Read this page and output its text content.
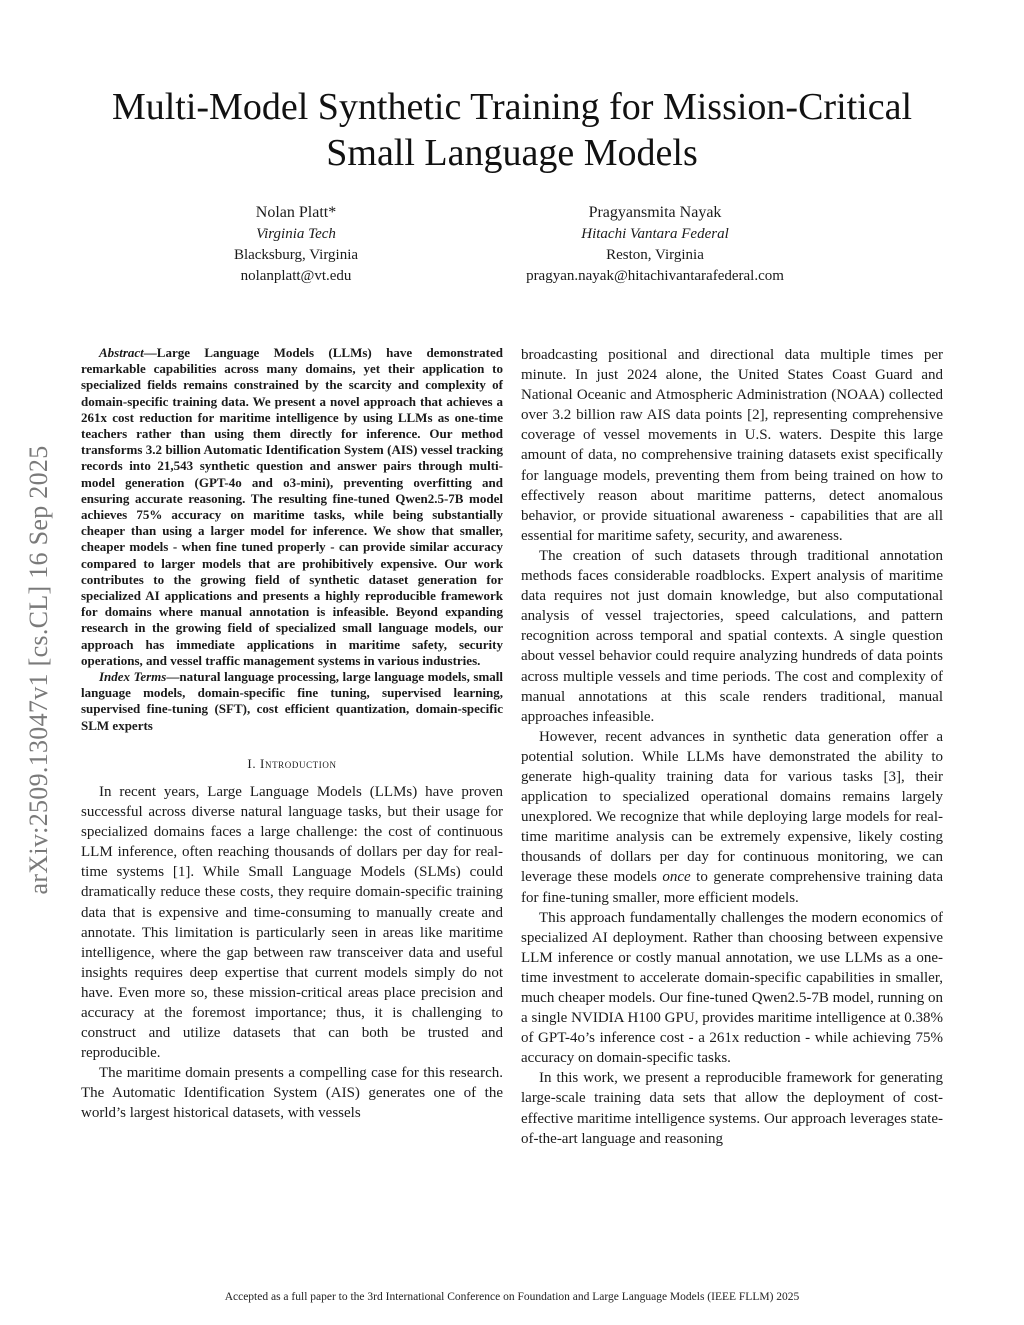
arXiv:2509.13047v1 [cs.CL] 16 Sep 2025
Multi-Model Synthetic Training for Mission-Critical Small Language Models
Nolan Platt*
Virginia Tech
Blacksburg, Virginia
nolanplatt@vt.edu
Pragyansmita Nayak
Hitachi Vantara Federal
Reston, Virginia
pragyan.nayak@hitachivantarafederal.com

Abstract—Large Language Models (LLMs) have demonstrated remarkable capabilities across many domains, yet their application to specialized fields remains constrained by the scarcity and complexity of domain-specific training data. We present a novel approach that achieves a 261x cost reduction for maritime intelligence by using LLMs as one-time teachers rather than using them directly for inference. Our method transforms 3.2 billion Automatic Identification System (AIS) vessel tracking records into 21,543 synthetic question and answer pairs through multi-model generation (GPT-4o and o3-mini), preventing overfitting and ensuring accurate reasoning. The resulting fine-tuned Qwen2.5-7B model achieves 75% accuracy on maritime tasks, while being substantially cheaper than using a larger model for inference. We show that smaller, cheaper models - when fine tuned properly - can provide similar accuracy compared to larger models that are prohibitively expensive. Our work contributes to the growing field of synthetic dataset generation for specialized AI applications and presents a highly reproducible framework for domains where manual annotation is infeasible. Beyond expanding research in the growing field of specialized small language models, our approach has immediate applications in maritime safety, security operations, and vessel traffic management systems in various industries.

Index Terms—natural language processing, large language models, small language models, domain-specific fine tuning, supervised learning, supervised fine-tuning (SFT), cost efficient quantization, domain-specific SLM experts

I. Introduction

In recent years, Large Language Models (LLMs) have proven successful across diverse natural language tasks, but their usage for specialized domains faces a large challenge: the cost of continuous LLM inference, often reaching thousands of dollars per day for real-time systems [1]. While Small Language Models (SLMs) could dramatically reduce these costs, they require domain-specific training data that is expensive and time-consuming to manually create and annotate. This limitation is particularly seen in areas like maritime intelligence, where the gap between raw transceiver data and useful insights requires deep expertise that current models simply do not have. Even more so, these mission-critical areas place precision and accuracy at the foremost importance; thus, it is challenging to construct and utilize datasets that can both be trusted and reproducible.

The maritime domain presents a compelling case for this research. The Automatic Identification System (AIS) generates one of the world’s largest historical datasets, with vessels

broadcasting positional and directional data multiple times per minute. In just 2024 alone, the United States Coast Guard and National Oceanic and Atmospheric Administration (NOAA) collected over 3.2 billion raw AIS data points [2], representing comprehensive coverage of vessel movements in U.S. waters. Despite this large amount of data, no comprehensive training datasets exist specifically for language models, preventing them from being trained on how to effectively reason about maritime patterns, detect anomalous behavior, or provide situational awareness - capabilities that are all essential for maritime safety, security, and awareness.

The creation of such datasets through traditional annotation methods faces considerable roadblocks. Expert analysis of maritime data requires not just domain knowledge, but also computational analysis of vessel trajectories, speed calculations, and pattern recognition across temporal and spatial contexts. A single question about vessel behavior could require analyzing hundreds of data points across multiple vessels and time periods. The cost and complexity of manual annotations at this scale renders traditional, manual approaches infeasible.

However, recent advances in synthetic data generation offer a potential solution. While LLMs have demonstrated the ability to generate high-quality training data for various tasks [3], their application to specialized operational domains remains largely unexplored. We recognize that while deploying large models for real-time maritime analysis can be extremely expensive, likely costing thousands of dollars per day for continuous monitoring, we can leverage these models once to generate comprehensive training data for fine-tuning smaller, more efficient models.

This approach fundamentally challenges the modern economics of specialized AI deployment. Rather than choosing between expensive LLM inference or costly manual annotation, we use LLMs as a one-time investment to accelerate domain-specific capabilities in smaller, much cheaper models. Our fine-tuned Qwen2.5-7B model, running on a single NVIDIA H100 GPU, provides maritime intelligence at 0.38% of GPT-4o’s inference cost - a 261x reduction - while achieving 75% accuracy on domain-specific tasks.

In this work, we present a reproducible framework for generating large-scale training data sets that allow the deployment of cost-effective maritime intelligence systems. Our approach leverages state-of-the-art language and reasoning

Accepted as a full paper to the 3rd International Conference on Foundation and Large Language Models (IEEE FLLM) 2025
